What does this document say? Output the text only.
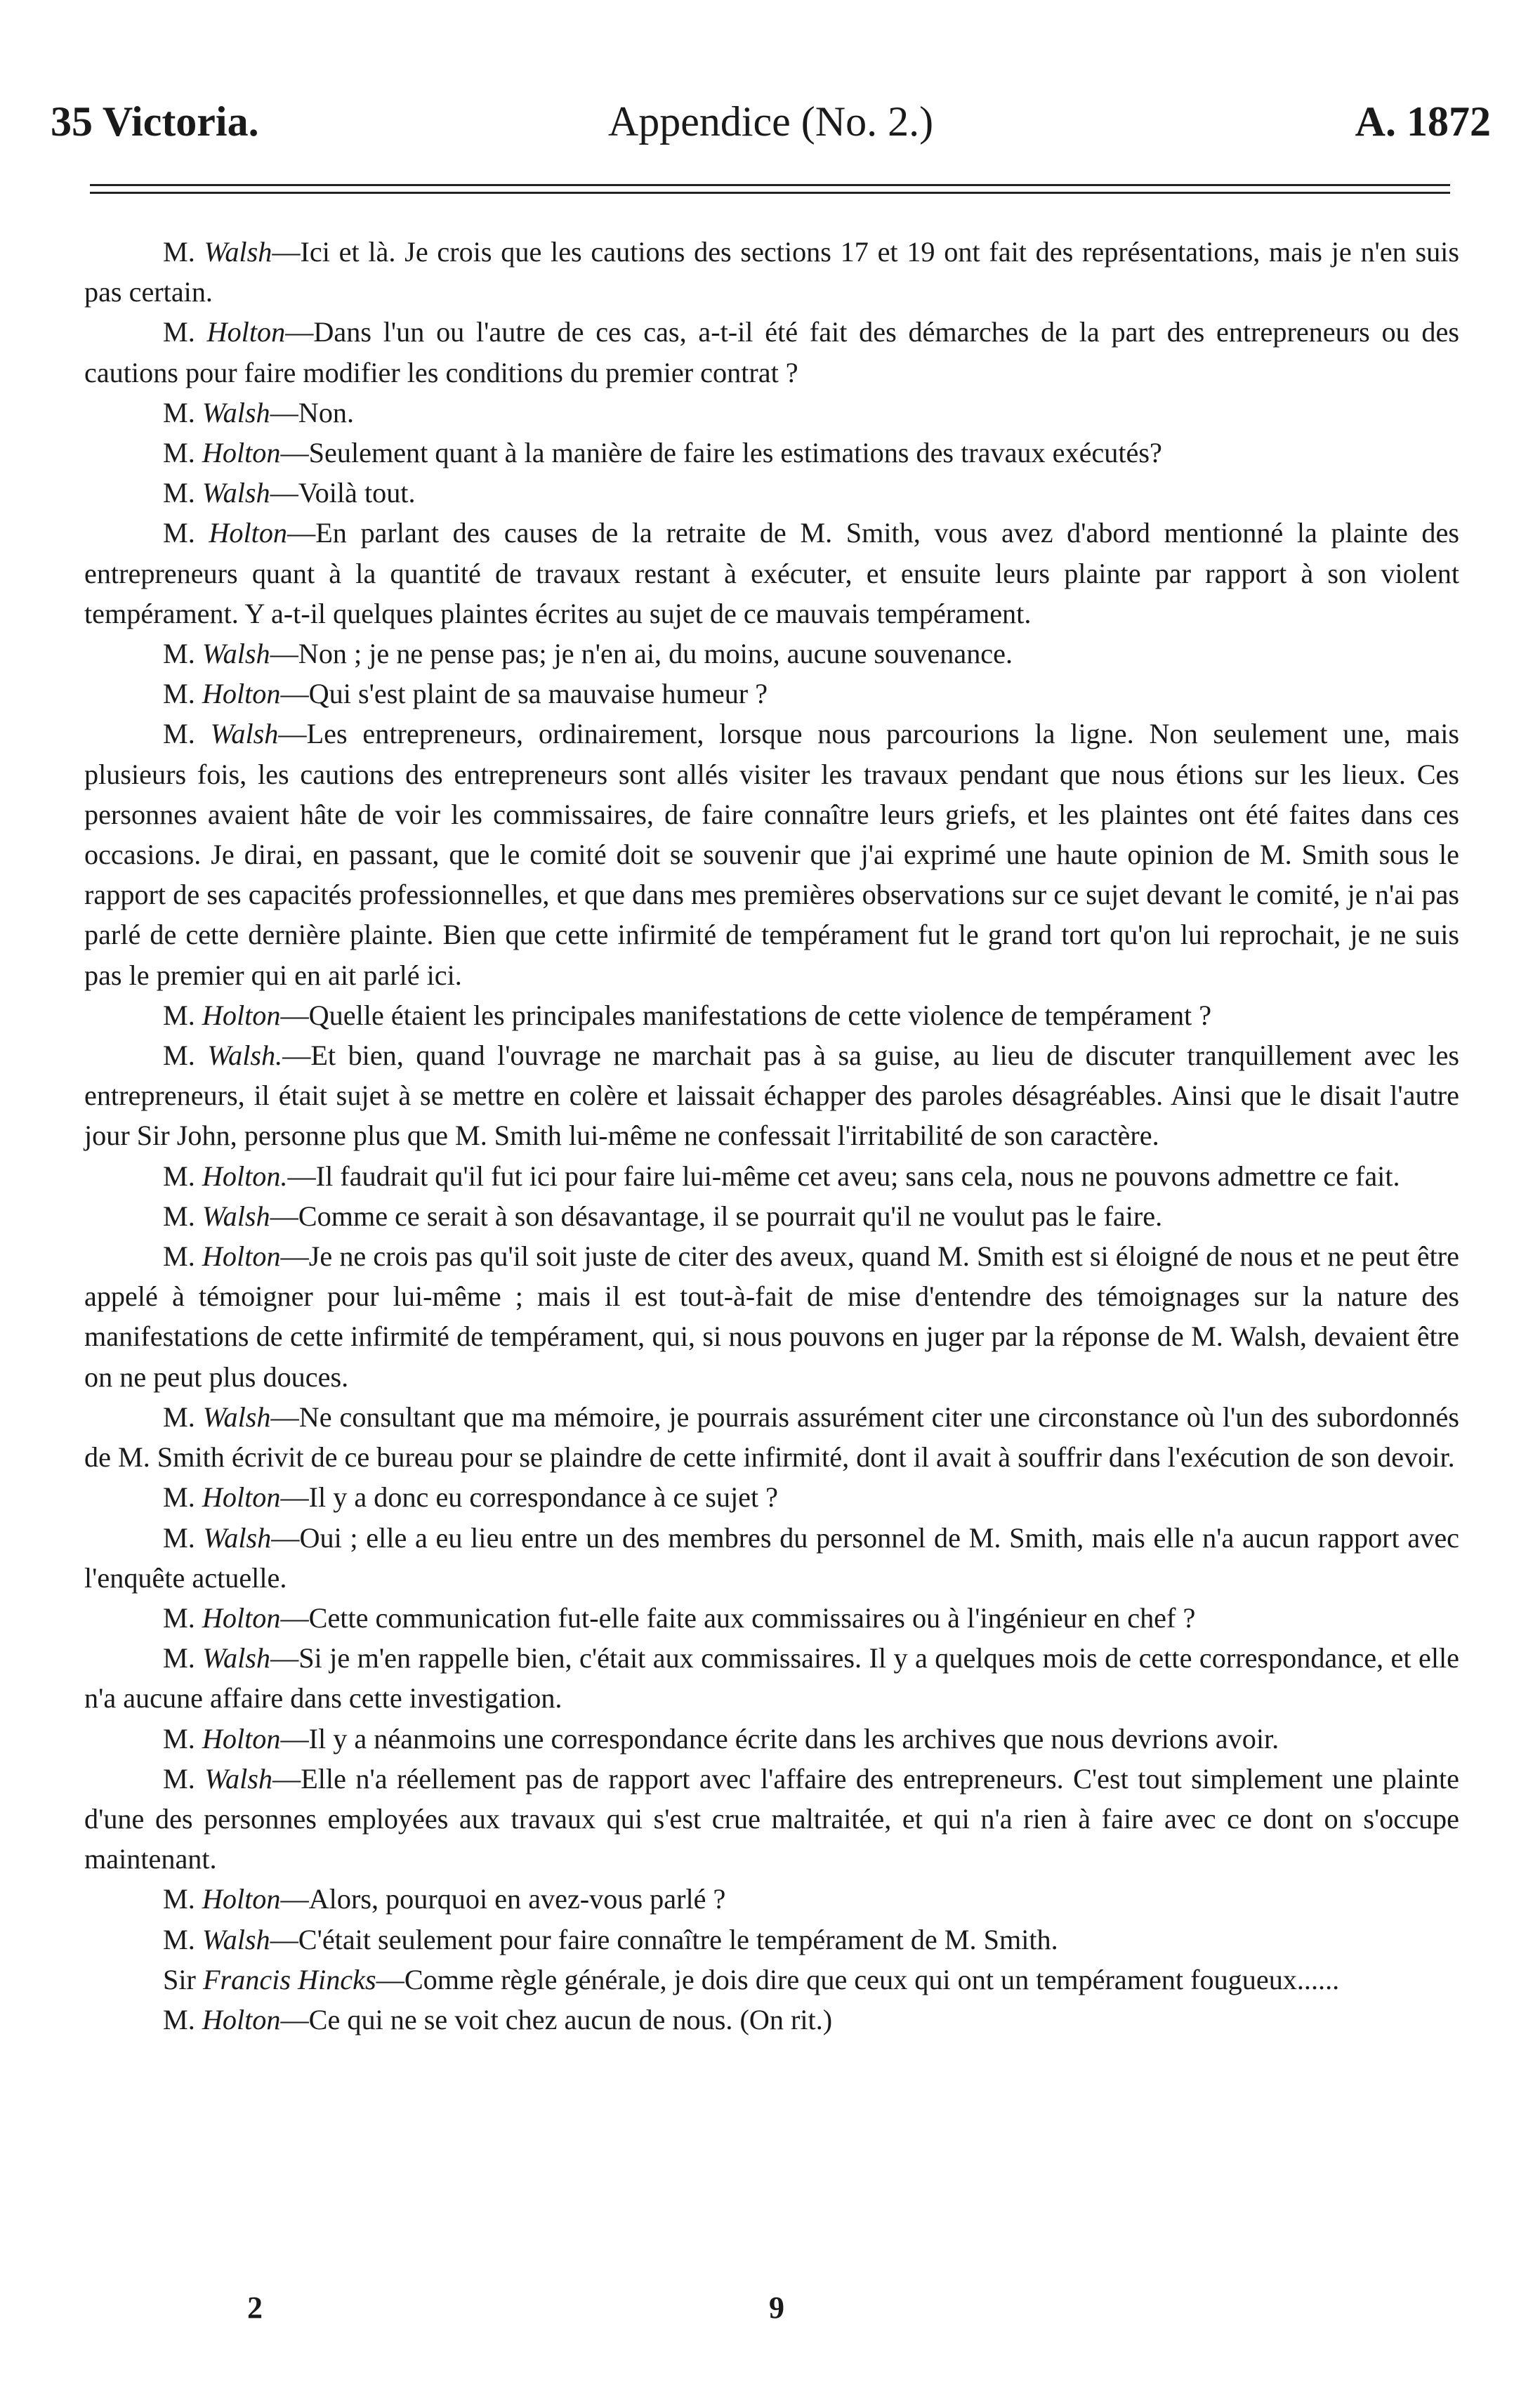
35 Victoria.	Appendice (No. 2.)	A. 1872

M. Walsh—Ici et là. Je crois que les cautions des sections 17 et 19 ont fait des représentations, mais je n'en suis pas certain.

M. Holton—Dans l'un ou l'autre de ces cas, a-t-il été fait des démarches de la part des entrepreneurs ou des cautions pour faire modifier les conditions du premier contrat ?

M. Walsh—Non.

M. Holton—Seulement quant à la manière de faire les estimations des travaux exécutés?

M. Walsh—Voilà tout.

M. Holton—En parlant des causes de la retraite de M. Smith, vous avez d'abord mentionné la plainte des entrepreneurs quant à la quantité de travaux restant à exécuter, et ensuite leurs plainte par rapport à son violent tempérament. Y a-t-il quelques plaintes écrites au sujet de ce mauvais tempérament.

M. Walsh—Non ; je ne pense pas; je n'en ai, du moins, aucune souvenance.

M. Holton—Qui s'est plaint de sa mauvaise humeur ?

M. Walsh—Les entrepreneurs, ordinairement, lorsque nous parcourions la ligne. Non seulement une, mais plusieurs fois, les cautions des entrepreneurs sont allés visiter les travaux pendant que nous étions sur les lieux. Ces personnes avaient hâte de voir les commissaires, de faire connaître leurs griefs, et les plaintes ont été faites dans ces occasions. Je dirai, en passant, que le comité doit se souvenir que j'ai exprimé une haute opinion de M. Smith sous le rapport de ses capacités professionnelles, et que dans mes premières observations sur ce sujet devant le comité, je n'ai pas parlé de cette dernière plainte. Bien que cette infirmité de tempérament fut le grand tort qu'on lui reprochait, je ne suis pas le premier qui en ait parlé ici.

M. Holton—Quelle étaient les principales manifestations de cette violence de tempérament ?

M. Walsh.—Et bien, quand l'ouvrage ne marchait pas à sa guise, au lieu de discuter tranquillement avec les entrepreneurs, il était sujet à se mettre en colère et laissait échapper des paroles désagréables. Ainsi que le disait l'autre jour Sir John, personne plus que M. Smith lui-même ne confessait l'irritabilité de son caractère.

M. Holton.—Il faudrait qu'il fut ici pour faire lui-même cet aveu; sans cela, nous ne pouvons admettre ce fait.

M. Walsh—Comme ce serait à son désavantage, il se pourrait qu'il ne voulut pas le faire.

M. Holton—Je ne crois pas qu'il soit juste de citer des aveux, quand M. Smith est si éloigné de nous et ne peut être appelé à témoigner pour lui-même ; mais il est tout-à-fait de mise d'entendre des témoignages sur la nature des manifestations de cette infirmité de tempérament, qui, si nous pouvons en juger par la réponse de M. Walsh, devaient être on ne peut plus douces.

M. Walsh—Ne consultant que ma mémoire, je pourrais assurément citer une circonstance où l'un des subordonnés de M. Smith écrivit de ce bureau pour se plaindre de cette infirmité, dont il avait à souffrir dans l'exécution de son devoir.

M. Holton—Il y a donc eu correspondance à ce sujet ?

M. Walsh—Oui ; elle a eu lieu entre un des membres du personnel de M. Smith, mais elle n'a aucun rapport avec l'enquête actuelle.

M. Holton—Cette communication fut-elle faite aux commissaires ou à l'ingénieur en chef ?

M. Walsh—Si je m'en rappelle bien, c'était aux commissaires. Il y a quelques mois de cette correspondance, et elle n'a aucune affaire dans cette investigation.

M. Holton—Il y a néanmoins une correspondance écrite dans les archives que nous devrions avoir.

M. Walsh—Elle n'a réellement pas de rapport avec l'affaire des entrepreneurs. C'est tout simplement une plainte d'une des personnes employées aux travaux qui s'est crue maltraitée, et qui n'a rien à faire avec ce dont on s'occupe maintenant.

M. Holton—Alors, pourquoi en avez-vous parlé ?

M. Walsh—C'était seulement pour faire connaître le tempérament de M. Smith.

Sir Francis Hincks—Comme règle générale, je dois dire que ceux qui ont un tempérament fougueux......

M. Holton—Ce qui ne se voit chez aucun de nous. (On rit.)

2	9
